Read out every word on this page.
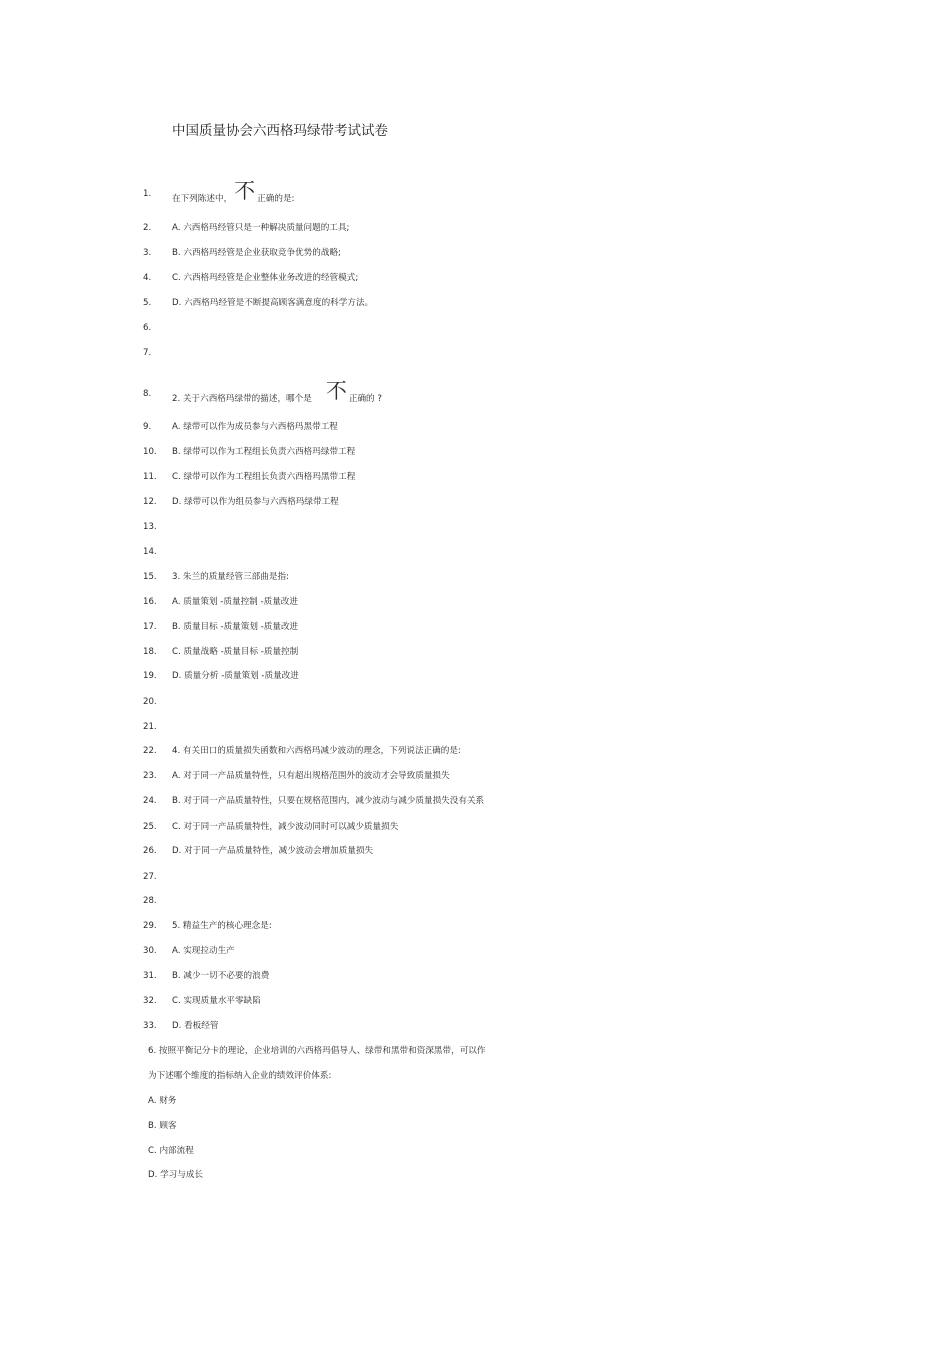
中国质量协会六西格玛绿带考试试卷
1. 在下列陈述中，不 正确的是:
2. A. 六西格玛经管只是一种解决质量问题的工具;
3. B. 六西格玛经管是企业获取竞争优势的战略;
4. C. 六西格玛经管是企业整体业务改进的经管模式;
5. D. 六西格玛经管是不断提高顾客满意度的科学方法。
6.
7.
8. 2. 关于六西格玛绿带的描述，哪个是 不 正确的 ?
9. A. 绿带可以作为成员参与六西格玛黑带工程
10. B. 绿带可以作为工程组长负责六西格玛绿带工程
11. C. 绿带可以作为工程组长负责六西格玛黑带工程
12. D. 绿带可以作为组员参与六西格玛绿带工程
13.
14.
15. 3. 朱兰的质量经管三部曲是指:
16. A. 质量策划 -质量控制 -质量改进
17. B. 质量目标 -质量策划 -质量改进
18. C. 质量战略 -质量目标 -质量控制
19. D. 质量分析 -质量策划 -质量改进
20.
21.
22. 4. 有关田口的质量损失函数和六西格玛减少波动的理念，下列说法正确的是:
23. A. 对于同一产品质量特性，只有超出规格范围外的波动才会导致质量损失
24. B. 对于同一产品质量特性，只要在规格范围内，减少波动与减少质量损失没有关系
25. C. 对于同一产品质量特性，减少波动同时可以减少质量损失
26. D. 对于同一产品质量特性，减少波动会增加质量损失
27.
28.
29. 5. 精益生产的核心理念是:
30. A. 实现拉动生产
31. B. 减少一切不必要的浪费
32. C. 实现质量水平零缺陷
33. D. 看板经管
6. 按照平衡记分卡的理论，企业培训的六西格玛倡导人、绿带和黑带和资深黑带，可以作
为下述哪个维度的指标纳入企业的绩效评价体系:
A. 财务
B. 顾客
C. 内部流程
D. 学习与成长
